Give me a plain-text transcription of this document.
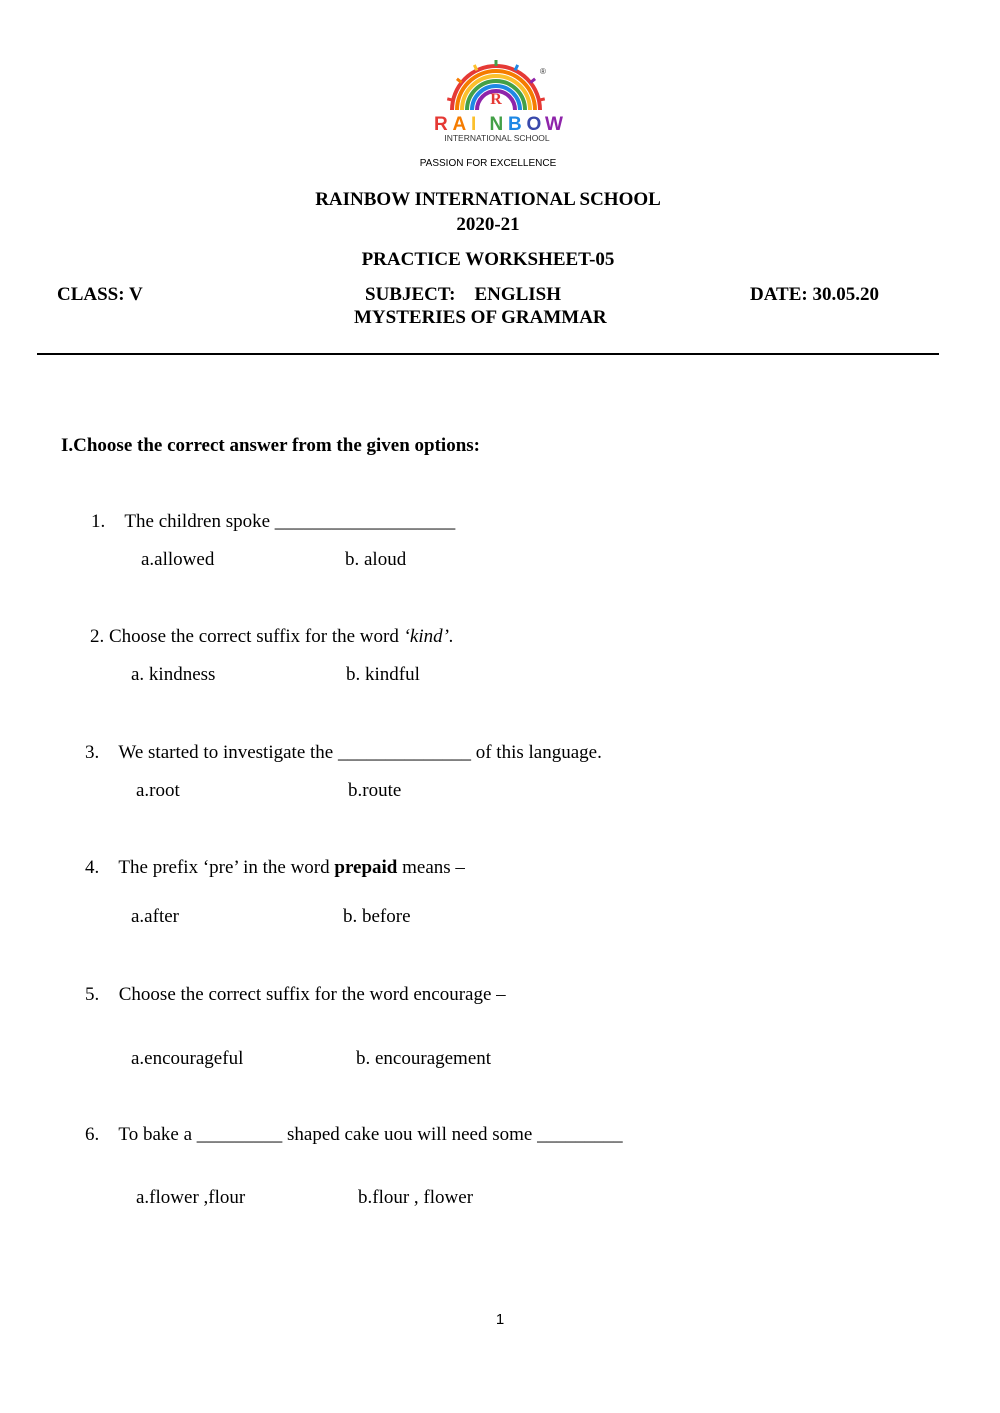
R
®
R A I N B O W
INTERNATIONAL SCHOOL
PASSION FOR EXCELLENCE
RAINBOW INTERNATIONAL SCHOOL
2020-21
PRACTICE WORKSHEET-05
CLASS: V	SUBJECT:    ENGLISH	DATE: 30.05.20
MYSTERIES OF GRAMMAR
I.Choose the correct answer from the given options:
1. The children spoke ___________________
a.allowed	b. aloud
2. Choose the correct suffix for the word ‘kind’.
a. kindness	b. kindful
3. We started to investigate the ______________ of this language.
a.root	b.route
4. The prefix ‘pre’ in the word prepaid means –
a.after	b. before
5. Choose the correct suffix for the word encourage –
a.encourageful	b. encouragement
6. To bake a _________ shaped cake uou will need some _________
a.flower ,flour	b.flour , flower
1
